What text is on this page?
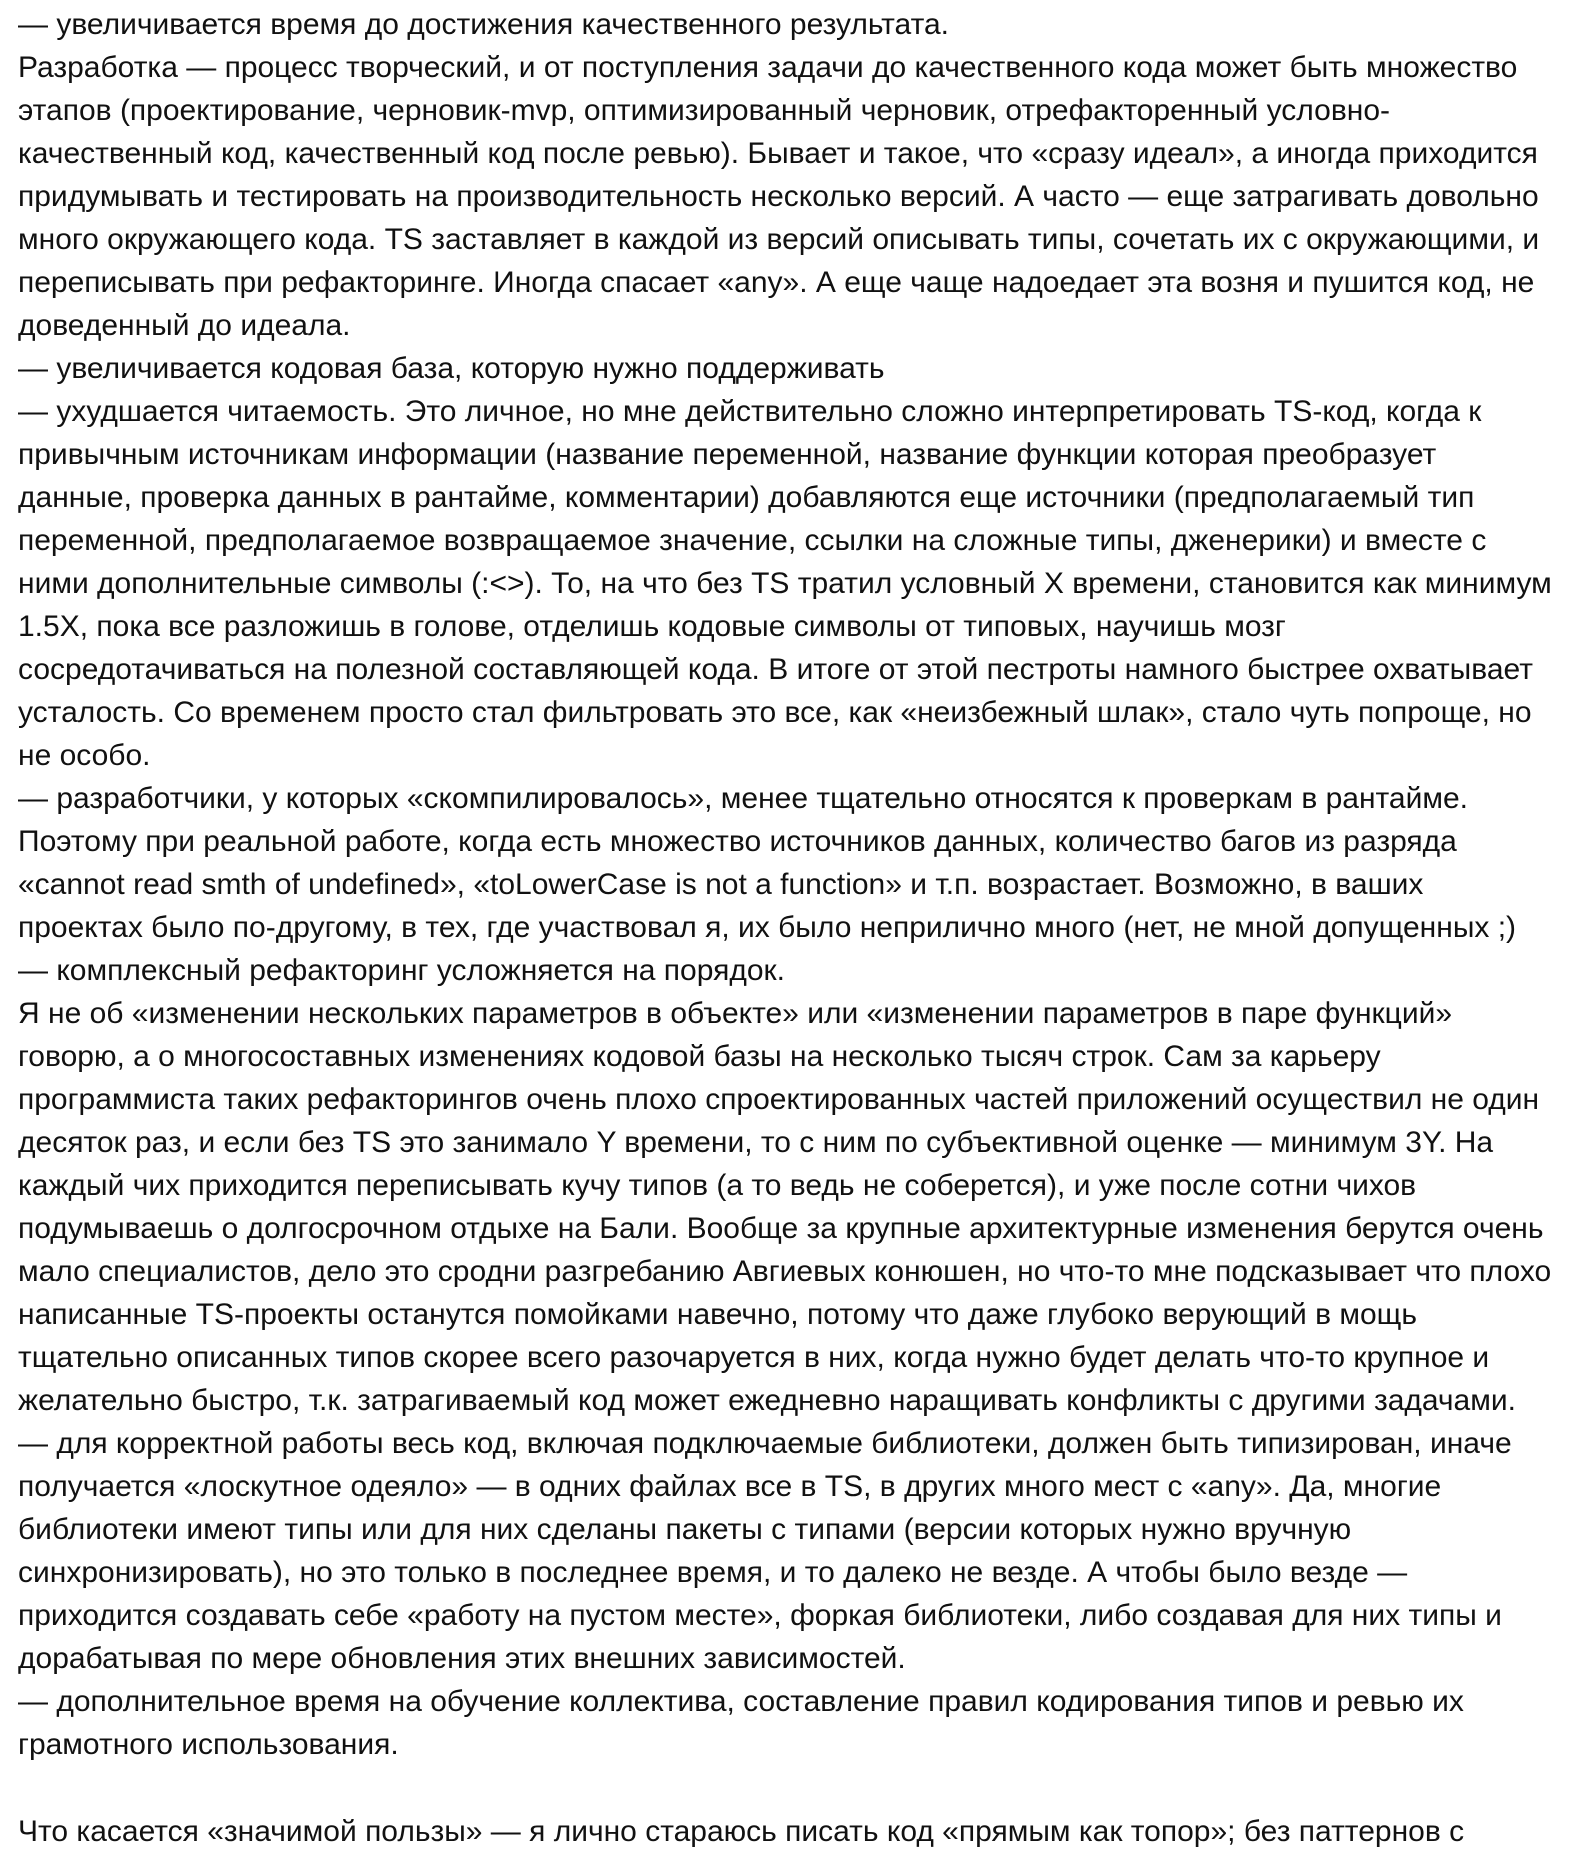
— увеличивается время до достижения качественного результата.
Разработка — процесс творческий, и от поступления задачи до качественного кода может быть множество этапов (проектирование, черновик-mvp, оптимизированный черновик, отрефакторенный условно-качественный код, качественный код после ревью). Бывает и такое, что «сразу идеал», а иногда приходится придумывать и тестировать на производительность несколько версий. А часто — еще затрагивать довольно много окружающего кода. TS заставляет в каждой из версий описывать типы, сочетать их с окружающими, и переписывать при рефакторинге. Иногда спасает «any». А еще чаще надоедает эта возня и пушится код, не доведенный до идеала.
— увеличивается кодовая база, которую нужно поддерживать
— ухудшается читаемость. Это личное, но мне действительно сложно интерпретировать TS-код, когда к привычным источникам информации (название переменной, название функции которая преобразует данные, проверка данных в рантайме, комментарии) добавляются еще источники (предполагаемый тип переменной, предполагаемое возвращаемое значение, ссылки на сложные типы, дженерики) и вместе с ними дополнительные символы (:<>). То, на что без TS тратил условный X времени, становится как минимум 1.5X, пока все разложишь в голове, отделишь кодовые символы от типовых, научишь мозг сосредотачиваться на полезной составляющей кода. В итоге от этой пестроты намного быстрее охватывает усталость. Со временем просто стал фильтровать это все, как «неизбежный шлак», стало чуть попроще, но не особо.
— разработчики, у которых «скомпилировалось», менее тщательно относятся к проверкам в рантайме. Поэтому при реальной работе, когда есть множество источников данных, количество багов из разряда «cannot read smth of undefined», «toLowerCase is not a function» и т.п. возрастает. Возможно, в ваших проектах было по-другому, в тех, где участвовал я, их было неприлично много (нет, не мной допущенных ;)
— комплексный рефакторинг усложняется на порядок.
Я не об «изменении нескольких параметров в объекте» или «изменении параметров в паре функций» говорю, а о многосоставных изменениях кодовой базы на несколько тысяч строк. Сам за карьеру программиста таких рефакторингов очень плохо спроектированных частей приложений осуществил не один десяток раз, и если без TS это занимало Y времени, то с ним по субъективной оценке — минимум 3Y. На каждый чих приходится переписывать кучу типов (а то ведь не соберется), и уже после сотни чихов подумываешь о долгосрочном отдыхе на Бали. Вообще за крупные архитектурные изменения берутся очень мало специалистов, дело это сродни разгребанию Авгиевых конюшен, но что-то мне подсказывает что плохо написанные TS-проекты останутся помойками навечно, потому что даже глубоко верующий в мощь тщательно описанных типов скорее всего разочаруется в них, когда нужно будет делать что-то крупное и желательно быстро, т.к. затрагиваемый код может ежедневно наращивать конфликты с другими задачами.
— для корректной работы весь код, включая подключаемые библиотеки, должен быть типизирован, иначе получается «лоскутное одеяло» — в одних файлах все в TS, в других много мест с «any». Да, многие библиотеки имеют типы или для них сделаны пакеты с типами (версии которых нужно вручную синхронизировать), но это только в последнее время, и то далеко не везде. А чтобы было везде — приходится создавать себе «работу на пустом месте», форкая библиотеки, либо создавая для них типы и дорабатывая по мере обновления этих внешних зависимостей.
— дополнительное время на обучение коллектива, составление правил кодирования типов и ревью их грамотного использования.

Что касается «значимой пользы» — я лично стараюсь писать код «прямым как топор»; без паттернов с
